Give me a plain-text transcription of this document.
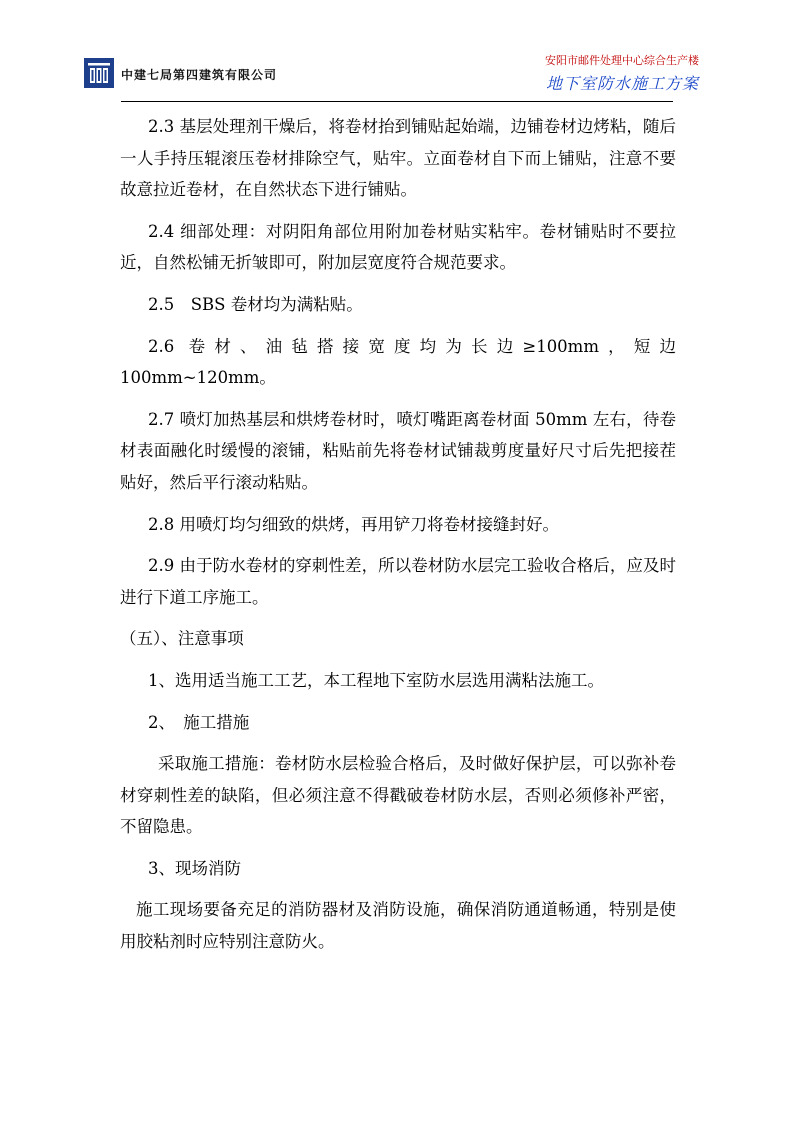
中建七局第四建筑有限公司
安阳市邮件处理中心综合生产楼
地下室防水施工方案

2.3 基层处理剂干燥后，将卷材抬到铺贴起始端，边铺卷材边烤粘，随后一人手持压辊滚压卷材排除空气，贴牢。立面卷材自下而上铺贴，注意不要故意拉近卷材，在自然状态下进行铺贴。

2.4 细部处理：对阴阳角部位用附加卷材贴实粘牢。卷材铺贴时不要拉近，自然松铺无折皱即可，附加层宽度符合规范要求。

2.5　SBS 卷材均为满粘贴。

2.6 卷材、油毡搭接宽度均为长边≥100mm，短边 100mm~120mm。

2.7 喷灯加热基层和烘烤卷材时，喷灯嘴距离卷材面 50mm 左右，待卷材表面融化时缓慢的滚铺，粘贴前先将卷材试铺裁剪度量好尺寸后先把接茬贴好，然后平行滚动粘贴。

2.8 用喷灯均匀细致的烘烤，再用铲刀将卷材接缝封好。

2.9 由于防水卷材的穿刺性差，所以卷材防水层完工验收合格后，应及时进行下道工序施工。

（五）、注意事项

1、选用适当施工工艺，本工程地下室防水层选用满粘法施工。

2、　施工措施

采取施工措施：卷材防水层检验合格后，及时做好保护层，可以弥补卷材穿刺性差的缺陷，但必须注意不得戳破卷材防水层，否则必须修补严密，不留隐患。

3、现场消防

施工现场要备充足的消防器材及消防设施，确保消防通道畅通，特别是使用胶粘剂时应特别注意防火。
